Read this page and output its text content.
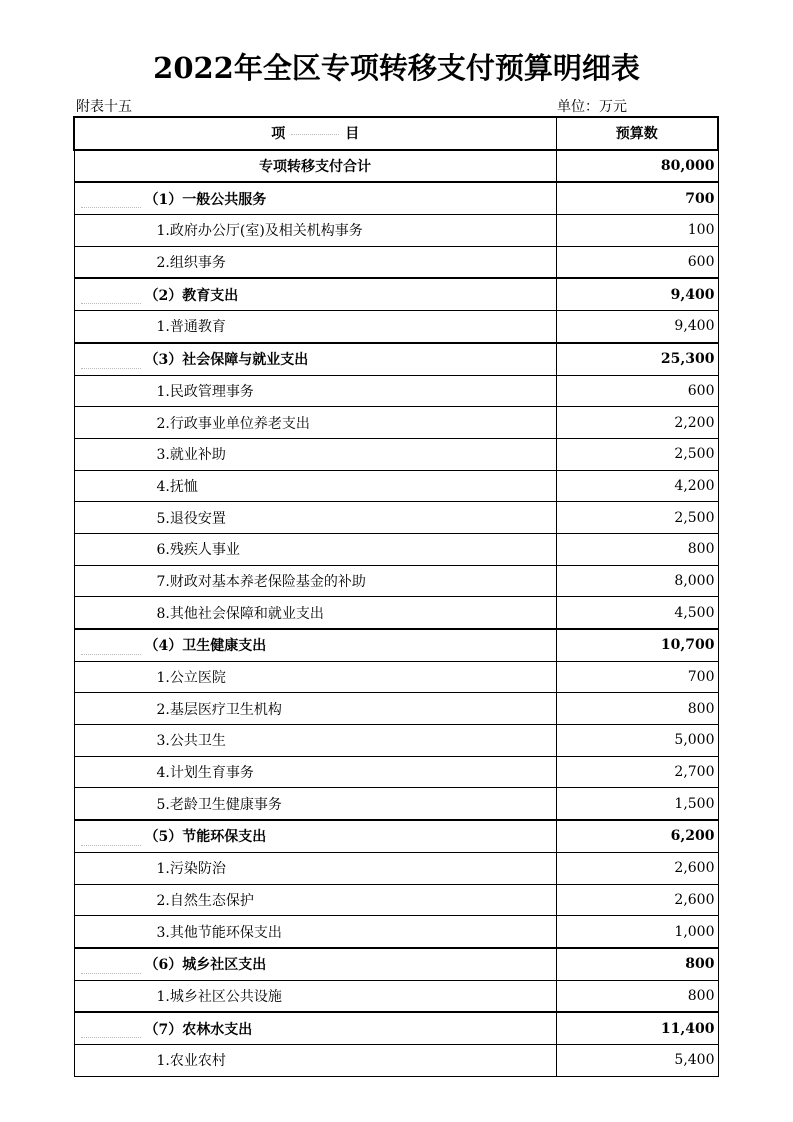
2022年全区专项转移支付预算明细表
附表十五	单位：万元
项 目	预算数
专项转移支付合计	80,000

（1）一般公共服务	700
1.政府办公厅(室)及相关机构事务	100
2.组织事务	600

（2）教育支出	9,400
1.普通教育	9,400

（3）社会保障与就业支出	25,300
1.民政管理事务	600
2.行政事业单位养老支出	2,200
3.就业补助	2,500
4.抚恤	4,200
5.退役安置	2,500
6.残疾人事业	800
7.财政对基本养老保险基金的补助	8,000
8.其他社会保障和就业支出	4,500

（4）卫生健康支出	10,700
1.公立医院	700
2.基层医疗卫生机构	800
3.公共卫生	5,000
4.计划生育事务	2,700
5.老龄卫生健康事务	1,500

（5）节能环保支出	6,200
1.污染防治	2,600
2.自然生态保护	2,600
3.其他节能环保支出	1,000

（6）城乡社区支出	800
1.城乡社区公共设施	800

（7）农林水支出	11,400
1.农业农村	5,400
